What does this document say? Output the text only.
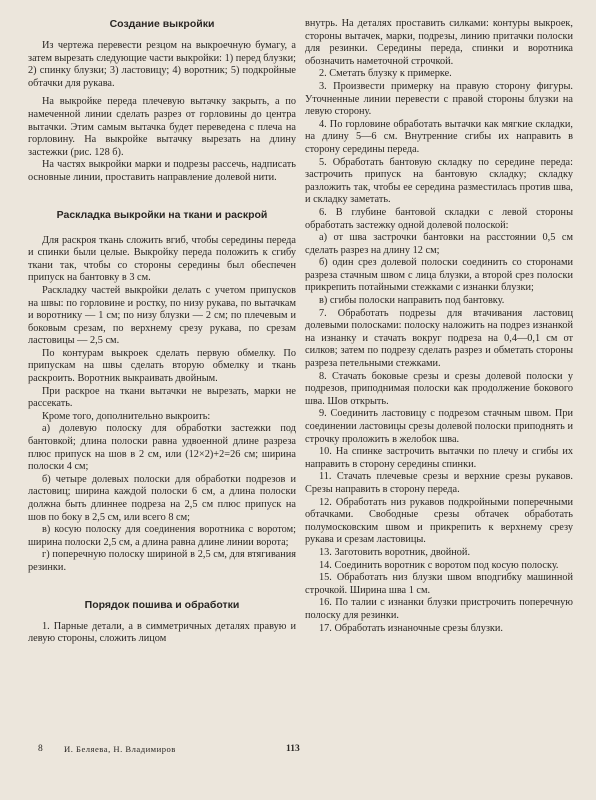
Создание выкройки

Из чертежа перевести резцом на выкроечную бумагу, а затем вырезать следующие части выкройки: 1) перед блузки; 2) спинку блузки; 3) ластовицу; 4) воротник; 5) подкройные обтачки для рукава.

На выкройке переда плечевую вытачку закрыть, а по намеченной линии сделать разрез от горловины до центра вытачки. Этим самым вытачка будет переведена с плеча на горловину. На выкройке вытачку вырезать на длину застежки (рис. 128 б).

На частях выкройки марки и подрезы рассечь, надписать основные линии, проставить направление долевой нити.

Раскладка выкройки на ткани и раскрой

Для раскроя ткань сложить вгиб, чтобы середины переда и спинки были целые. Выкройку переда положить к сгибу ткани так, чтобы со стороны середины был обеспечен припуск на бантовку в 3 см.

Раскладку частей выкройки делать с учетом припусков на швы: по горловине и ростку, по низу рукава, по вытачкам и воротнику — 1 см; по низу блузки — 2 см; по плечевым и боковым срезам, по верхнему срезу рукава, по срезам ластовицы — 2,5 см.

По контурам выкроек сделать первую обмелку. По припускам на швы сделать вторую обмелку и ткань раскроить. Воротник выкраивать двойным.

При раскрое на ткани вытачки не вырезать, марки не рассекать.

Кроме того, дополнительно выкроить:

а) долевую полоску для обработки застежки под бантовкой; длина полоски равна удвоенной длине разреза плюс припуск на шов в 2 см, или (12×2)+2=26 см; ширина полоски 4 см;

б) четыре долевых полоски для обработки подрезов и ластовиц; ширина каждой полоски 6 см, а длина полоски должна быть длиннее подреза на 2,5 см плюс припуск на шов по боку в 2,5 см, или всего 8 см;

в) косую полоску для соединения воротника с воротом; ширина полоски 2,5 см, а длина равна длине линии ворота;

г) поперечную полоску шириной в 2,5 см, для втягивания резинки.

Порядок пошива и обработки

1. Парные детали, а в симметричных деталях правую и левую стороны, сложить лицом

внутрь. На деталях проставить силками: контуры выкроек, стороны вытачек, марки, подрезы, линию притачки полоски для резинки. Середины переда, спинки и воротника обозначить наметочной строчкой.

2. Сметать блузку к примерке.

3. Произвести примерку на правую сторону фигуры. Уточненные линии перевести с правой стороны блузки на левую сторону.

4. По горловине обработать вытачки как мягкие складки, на длину 5—6 см. Внутренние сгибы их направить в сторону середины переда.

5. Обработать бантовую складку по середине переда: застрочить припуск на бантовую складку; складку разложить так, чтобы ее середина разместилась против шва, и складку заметать.

6. В глубине бантовой складки с левой стороны обработать застежку одной долевой полоской:

а) от шва застрочки бантовки на расстоянии 0,5 см сделать разрез на длину 12 см;

б) один срез долевой полоски соединить со сторонами разреза стачным швом с лица блузки, а второй срез полоски прикрепить потайными стежками с изнанки блузки;

в) сгибы полоски направить под бантовку.

7. Обработать подрезы для втачивания ластовиц долевыми полосками: полоску наложить на подрез изнанкой на изнанку и стачать вокруг подреза на 0,4—0,1 см от силков; затем по подрезу сделать разрез и обметать стороны разреза петельными стежками.

8. Стачать боковые срезы и срезы долевой полоски у подрезов, приподнимая полоски как продолжение бокового шва. Шов открыть.

9. Соединить ластовицу с подрезом стачным швом. При соединении ластовицы срезы долевой полоски приподнять и строчку проложить в желобок шва.

10. На спинке застрочить вытачки по плечу и сгибы их направить в сторону середины спинки.

11. Стачать плечевые срезы и верхние срезы рукавов. Срезы направить в сторону переда.

12. Обработать низ рукавов подкройными поперечными обтачками. Свободные срезы обтачек обработать полумосковским швом и прикрепить к верхнему срезу рукава и срезам ластовицы.

13. Заготовить воротник, двойной.

14. Соединить воротник с воротом под косую полоску.

15. Обработать низ блузки швом вподгибку машинной строчкой. Ширина шва 1 см.

16. По талии с изнанки блузки пристрочить поперечную полоску для резинки.

17. Обработать изнаночные срезы блузки.

8 И. Беляева, Н. Владимиров	113
